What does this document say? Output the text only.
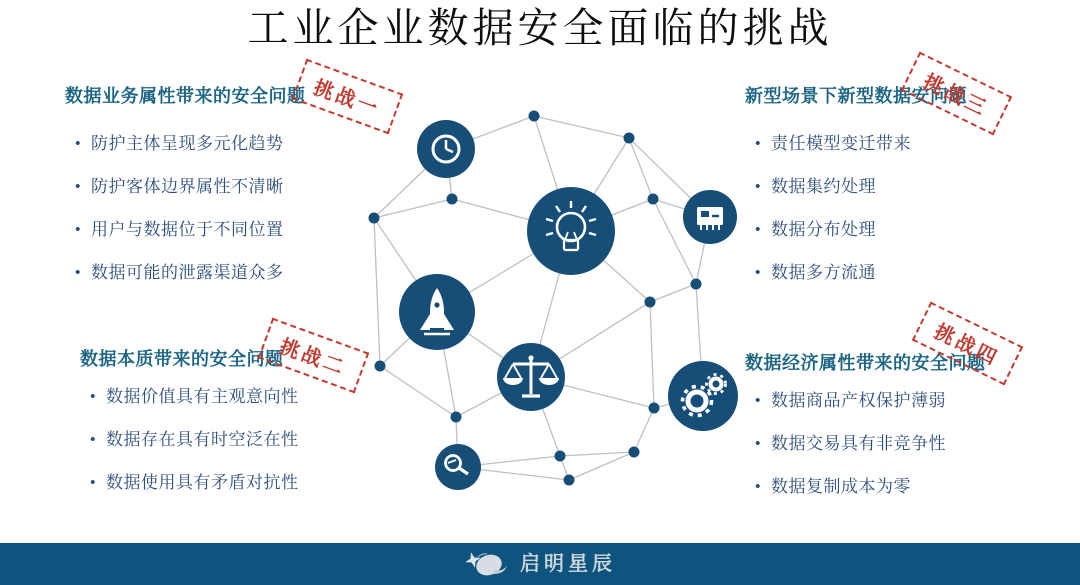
工业企业数据安全面临的挑战
数据业务属性带来的安全问题
• 防护主体呈现多元化趋势
• 防护客体边界属性不清晰
• 用户与数据位于不同位置
• 数据可能的泄露渠道众多
数据本质带来的安全问题
• 数据价值具有主观意向性
• 数据存在具有时空泛在性
• 数据使用具有矛盾对抗性
新型场景下新型数据安问题
• 责任模型变迁带来
• 数据集约处理
• 数据分布处理
• 数据多方流通
数据经济属性带来的安全问题
• 数据商品产权保护薄弱
• 数据交易具有非竞争性
• 数据复制成本为零
挑战一
挑战二
挑战三
挑战四
启明星辰
